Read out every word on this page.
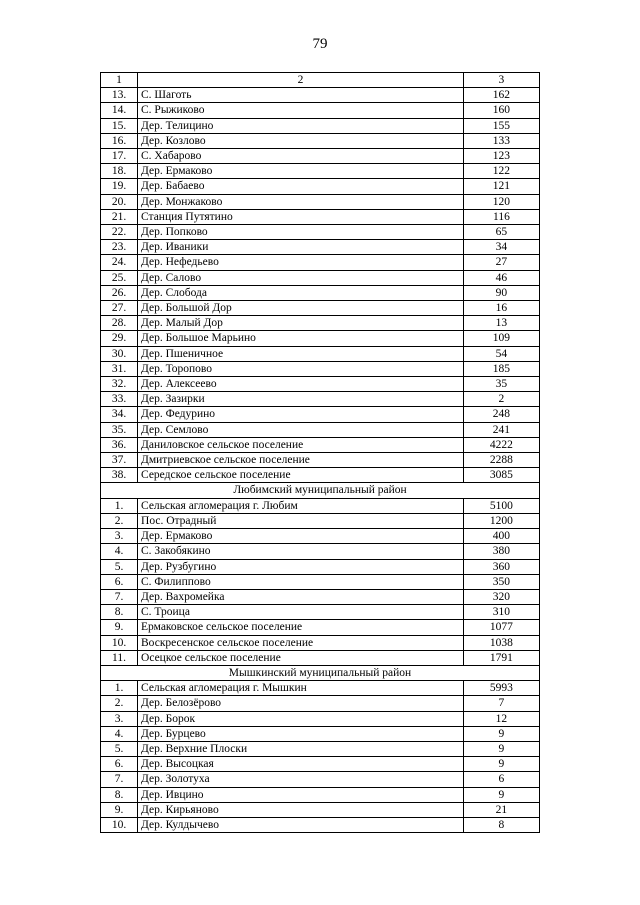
79
1	2	3
13.	С. Шаготь	162
14.	С. Рыжиково	160
15.	Дер. Телицино	155
16.	Дер. Козлово	133
17.	С. Хабарово	123
18.	Дер. Ермаково	122
19.	Дер. Бабаево	121
20.	Дер. Монжаково	120
21.	Станция Путятино	116
22.	Дер. Попково	65
23.	Дер. Иваники	34
24.	Дер. Нефедьево	27
25.	Дер. Салово	46
26.	Дер. Слобода	90
27.	Дер. Большой Дор	16
28.	Дер. Малый Дор	13
29.	Дер. Большое Марьино	109
30.	Дер. Пшеничное	54
31.	Дер. Торопово	185
32.	Дер. Алексеево	35
33.	Дер. Зазирки	2
34.	Дер. Федурино	248
35.	Дер. Семлово	241
36.	Даниловское сельское поселение	4222
37.	Дмитриевское сельское поселение	2288
38.	Середское сельское поселение	3085
Любимский муниципальный район		
1.	Сельская агломерация г. Любим	5100
2.	Пос. Отрадный	1200
3.	Дер. Ермаково	400
4.	С. Закобякино	380
5.	Дер. Рузбугино	360
6.	С. Филиппово	350
7.	Дер. Вахромейка	320
8.	С. Троица	310
9.	Ермаковское сельское поселение	1077
10.	Воскресенское сельское поселение	1038
11.	Осецкое сельское поселение	1791
Мышкинский муниципальный район		
1.	Сельская агломерация г. Мышкин	5993
2.	Дер. Белозёрово	7
3.	Дер. Борок	12
4.	Дер. Бурцево	9
5.	Дер. Верхние Плоски	9
6.	Дер. Высоцкая	9
7.	Дер. Золотуха	6
8.	Дер. Ивцино	9
9.	Дер. Кирьяново	21
10.	Дер. Кулдычево	8
